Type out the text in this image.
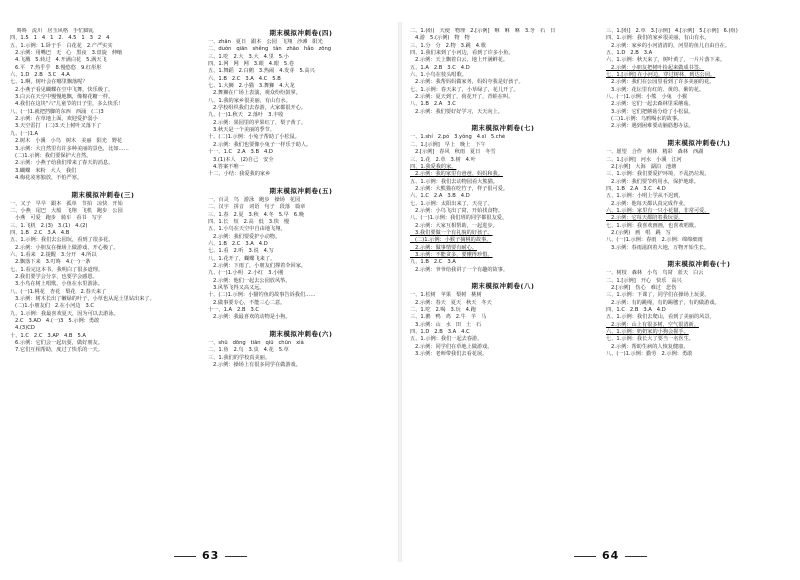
咚咚   流川   居玉风格   手忙脚乱
四、1.5   1   4   1   2.   4.5   1   3   2   4
五、1.示例：1.卧于手   白花花   2.产严实实
2.示例：用嘴巴   无   心   黑夜   3.盘旋   伸缩
4.飞溅   5.转过   4.开满白花   5.满天飞
6.平   7.热乎乎   8.慢悠悠   9.红彤彤
六、1.D   2.B   3.C   4.A
七、1.啊，树叶会在哪里飘落呢？
2.小燕子看见蝴蝶在空中飞舞，快乐极了。
3.白云在天空中慢慢地飘，像棉花糖一样。
4.我们在这块"六"儿童节的日子里，多么快乐！
八、(一)1.就把挡脚的东西   西涌   (二)3
2.示例：在草地上面，欢迎爱护弱小
3.天空雷打   (二)3.天上树叶又落下了
九、(一)1.A
2.树木   小溪   小鸟   树木   美丽   阳光   野花
3.示例：大自然里有许多种美丽的景色，比如……
(二)1.示例：我们要保护大自然。
2.示例：小燕子给我们带来了春天的消息。
3.蝴蝶   米粉   大人   我们
4.梅花凌寒独放，不怕严寒。
期末模拟冲刺卷(三)
一、又子   早早   跟本   孤单   节拍   凉快   开始
二、小燕   尾巴   大船   飞翔   飞机   跑步   公园
小燕   可爱   跑步   骑车   看书   写字
三、1.飞机   2.(3)   3.(1)   4.(2)
四、1.B   2.C   3.A   4.B
五、1.示例：我们去公园玩，看到了很多花。
2.示例：小朋友在操场上做游戏，开心极了。
六、1.看来   2.提醒   3.分开   4.所以
2.飘落下来   3.叮咚   4.(一)一条
七、1.看完这本书，我明白了很多道理。
2.我们要学会分享，也要学会感恩。
3.小鸟在树上唱歌，小鱼在水里游泳。
八、(一)1.桃花   杏花   梨花   2.春天来了
3.示例：树木长出了嫩绿的叶子，小草也从泥土里钻出来了。
(二)1.小朋友们   2.在小河边   3.C
九、1.示例：我最喜欢夏天，因为可以去游泳。
2.C   3.AD   4.(一)3   5.示例：勇敢
4.(3)CD
十、1.C   2.C   3.AP   4.B   5.A
6.示例：它们会一起玩耍，做好朋友。
7.它们互相帮助，度过了快乐的一天。
期末模拟冲刺卷(四)
一、zhān   夏日   跟本   公园   飞翔   沙滩   阳光
二、duòn   qiān   shěng   tàn   zhāo   hǎo   zōng
三、1.吃   2.大   3.大   4.里   5.小
四、1.网   网   网   3.眼   4.眼   5.卷
五、1.舞蹈   2.白鹅   3.热闹   4.发芽   5.高兴
六、1.B   2.C   3.A   4.C   5.B
七、1.大狮   2.小猫   3.舞狮   4.大龙
2.舞狮在广场上表演，观众纷纷鼓掌。
八、1.我的家乡很美丽，有山有水。
2.学校组织我们去春游，大家都很开心。
九、(一)1.秋天   2.落叶   3.丰收
2.示例：果园里的苹果红了，梨子黄了。
3.秋天是一个美丽的季节。
十、(二)1.示例：小兔子帮助了小松鼠。
2.示例：我们也要像小兔子一样乐于助人。
十一、1.C   2.A   3.B   4.D
3.(1)本人   (2)自己   安全
4.答案不唯一
十二、小结：我爱我的家乡
期末模拟冲刺卷(五)
一、百灵   鸟   游泳   跑步   操场   花园
二、汉字   拼音   词语   句子   段落   篇章
三、1.春   2.夏   3.秋   4.冬   5.早   6.晚
四、1.长   短   2.高   低   3.快   慢
五、1.小鸟在天空中自由地飞翔。
2.示例：我们要爱护小动物。
六、1.B   2.C   3.A   4.D
七、1.看   2.听   3.说   4.写
八、1.花开了，蝴蝶飞来了。
2.示例：下雨了，小朋友们撑着伞回家。
九、(一)1.小明   2.小红   3.小刚
2.示例：他们一起去公园放风筝。
3.风筝飞得又高又远。
十、(二)1.示例：小猫钓鱼的故事告诉我们……
2.做事要专心，不能三心二意。
十一、1.A   2.B   3.C
2.示例：我最喜欢的动物是小狗。
期末模拟冲刺卷(六)
一、shū   dōng   tiān   qiū   chūn   xià
二、1.鱼   2.鸟   3.虫   4.花   5.草
三、1.我们的学校真美丽。
2.示例：操场上有很多同学在做游戏。
二、1.(组)   天使   物理   2.[示例]   咻   咻   咻   3.牙   石   日
4.游   5.(示例)   物   物
三、1.分   分   2.物   3.跳   4.歌
四、1.我们来到了小河边，看到了许多小鱼。
2.示例：天上飘着白云，地上开满鲜花。
五、1.A   2.B   3.C   4.D
六、1.小鸟在枝头唱歌。
2.示例：我帮妈妈做家务，妈妈夸我是好孩子。
七、1.示例：春天来了，小草绿了，花儿开了。
2.示例：夏天到了，荷花开了，青蛙在叫。
八、1.B   2.A   3.C
2.示例：我们要好好学习，天天向上。
期末模拟冲刺卷(七)
一、1.shí   2.pó   3.yǒng   4.sī   5.chè
二、1.[示例]   早上   晚上   下午
2.[示例]   春风   秋雨   夏日   冬雪
三、1.花   2.草   3.树   4.叶
四、1.我爱我的家。
2.示例：我的家里有爸爸、妈妈和我。
五、1.示例：我们去动物园看大熊猫。
2.示例：大熊猫在吃竹子，样子很可爱。
六、1.C   2.A   3.B   4.D
七、1.示例：太阳出来了，天亮了。
2.示例：小鸟飞出了窝，开始找食物。
八、(一)1.示例：我们班的同学都很友爱。
2.示例：大家互相帮助，一起进步。
3.我们要做一个有礼貌的好孩子。
(二)1.示例：小猴子摘桃的故事。
2.示例：做事情要有耐心。
3.示例：不能贪多，要懂得珍惜。
九、1.B   2.C   3.A
2.示例：爷爷给我讲了一个有趣的故事。
期末模拟冲刺卷(八)
一、1.松树   苹果   梨树   桃树
2.示例：春天   夏天   秋天   冬天
二、1.吃   2.喝   3.玩   4.跑
三、1.鹅   鸭   鸡   2.牛   羊   马
3.示例：山   水   田   土   石
四、1.D   2.B   3.A   4.C
五、1.示例：我们一起去春游。
2.示例：同学们在草地上做游戏。
3.示例：老师带我们去看花展。
三、1.[组]   2.草   3.[示例]   4.[示例]   5.[示例]   6.(组)
四、1.示例：我们的家乡很美丽，有山有水。
2.示例：家乡的小河清清的，河里的鱼儿自由自在。
五、1.D   2.B   3.A
六、1.示例：秋天来了，树叶黄了，一片片落下来。
2.示例：小朋友把树叶捡起来做成书签。
七、1.[示例] 在小河边，穿过树林，到达公园。
2.示例：我们在公园里看到了许多美丽的花。
3.示例：花坛里有红的、黄的、紫的花。
八、(一)1.示例：小熊   小兔   小猴
2.示例：它们一起去森林里采蘑菇。
3.示例：它们把蘑菇分给了小松鼠。
(二)1.示例：乌鸦喝水的故事。
2.示例：遇到困难要动脑筋想办法。
期末模拟冲刺卷(九)
一、愿望   合作   树林   精彩   森林   西湖
二、1.[示例]   河水   小溪   江河
2.[示例]   大海   湖泊   池塘
三、1.示例：我们要爱护环境，不乱扔垃圾。
2.示例：我们要节约用水，保护地球。
四、1.B   2.A   3.C   4.D
五、1.示例：小明上学从不迟到。
2.示例：他每天都认真完成作业。
六、1.示例：家里有一只小花猫，非常可爱。
2.示例：它每天都陪着我玩耍。
七、1.示例：我喜欢画画，也喜欢唱歌。
2.(示例)   画   唱   跳   写
八、(一)1.示例：春雨   2.示例：绵绵细雨
3.示例：春雨滋润着大地，万物开始生长。
期末模拟冲刺卷(十)
一、树枝   森林   小鸟   鸟窝   蓝天   白云
二、1.[示例]   开心   快乐   高兴
2.[示例]   伤心   难过   悲伤
三、1.示例：下课了，同学们在操场上玩耍。
2.示例：有的跳绳，有的踢毽子，有的做游戏。
四、1.C   2.B   3.A   4.D
五、1.示例：我们去爬山，看到了美丽的风景。
2.示例：山上有很多树，空气很清新。
六、1.示例：奶奶家的小狗会握手。
七、1.示例：我长大了要当一名医生。
2.示例：帮助生病的人恢复健康。
八、(一)1.示例：勤劳   2.示例：勇敢
63	64
